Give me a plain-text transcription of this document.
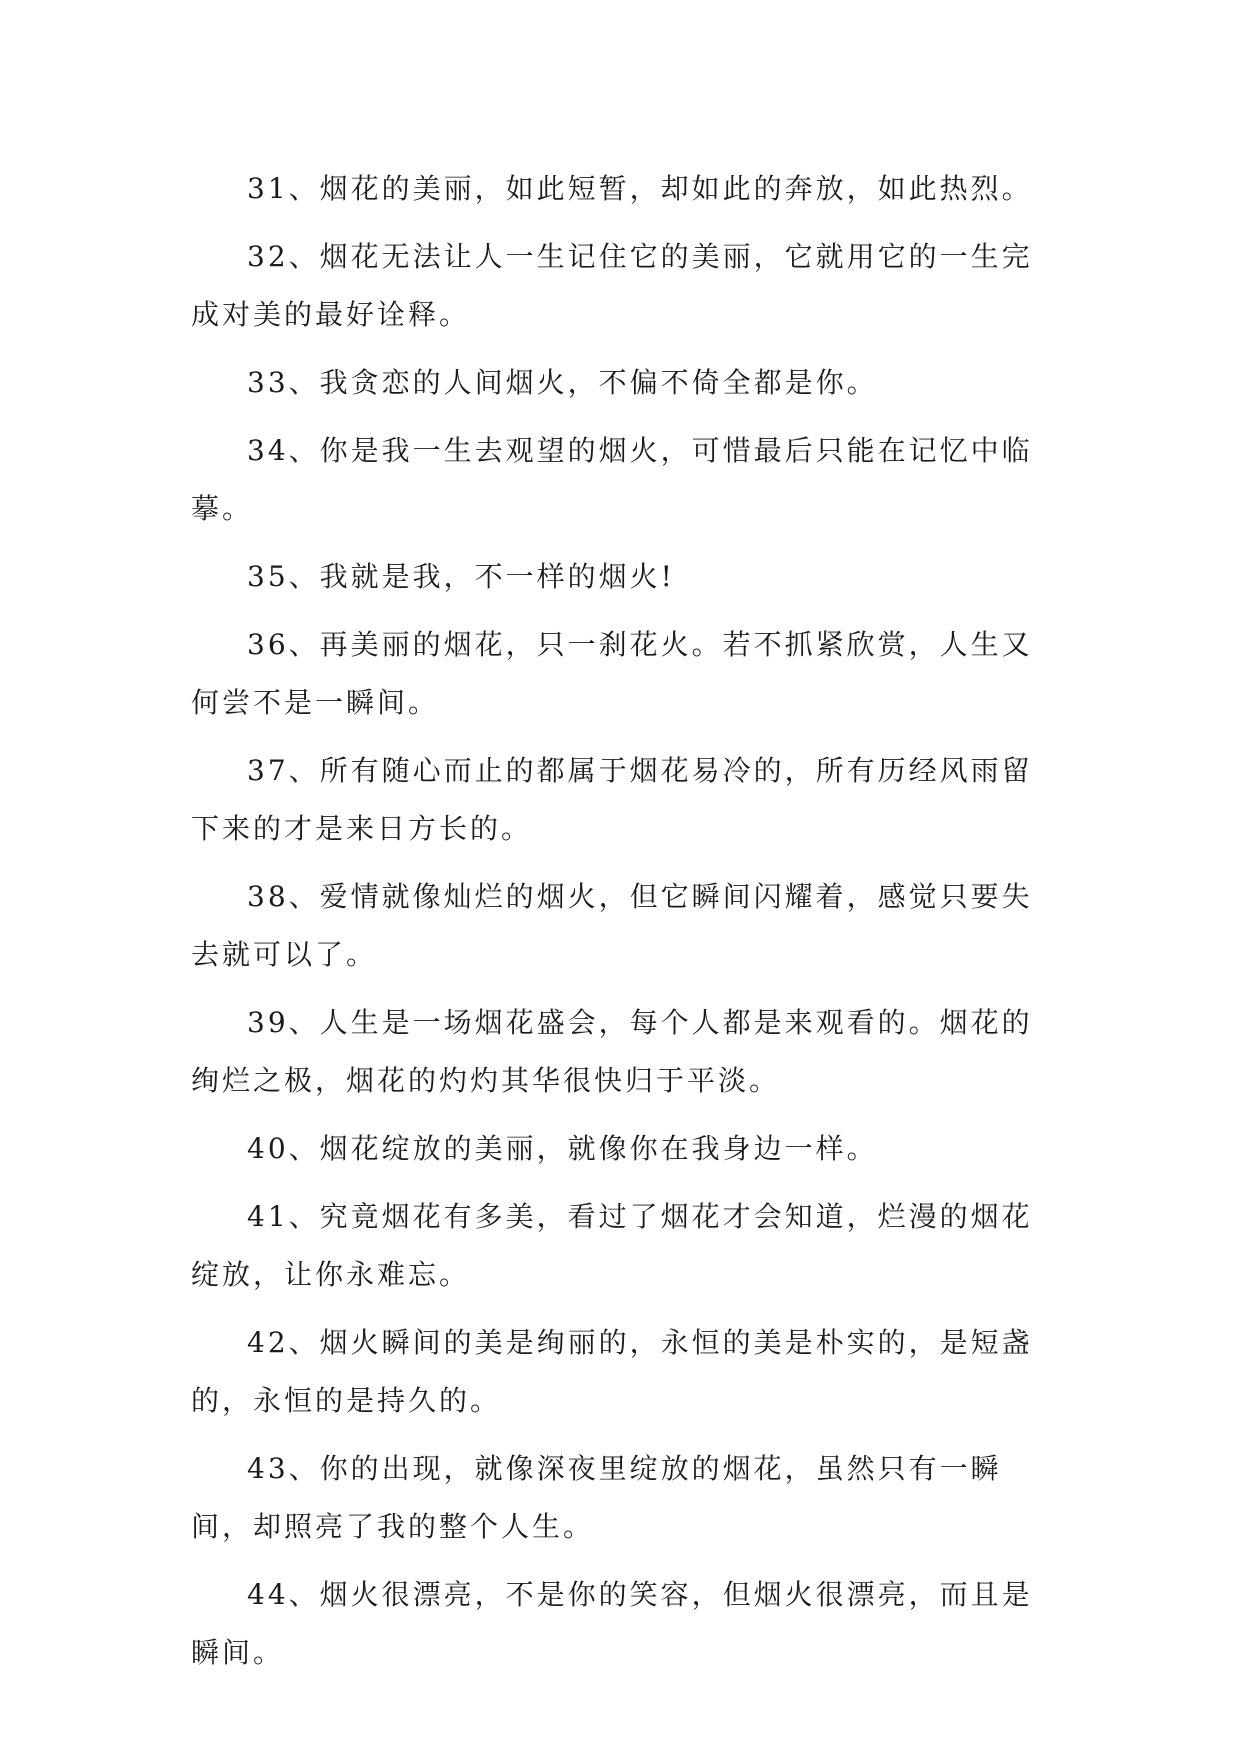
31、烟花的美丽，如此短暂，却如此的奔放，如此热烈。

32、烟花无法让人一生记住它的美丽，它就用它的一生完成对美的最好诠释。

33、我贪恋的人间烟火，不偏不倚全都是你。

34、你是我一生去观望的烟火，可惜最后只能在记忆中临摹。

35、我就是我，不一样的烟火!

36、再美丽的烟花，只一刹花火。若不抓紧欣赏，人生又何尝不是一瞬间。

37、所有随心而止的都属于烟花易冷的，所有历经风雨留下来的才是来日方长的。

38、爱情就像灿烂的烟火，但它瞬间闪耀着，感觉只要失去就可以了。

39、人生是一场烟花盛会，每个人都是来观看的。烟花的绚烂之极，烟花的灼灼其华很快归于平淡。

40、烟花绽放的美丽，就像你在我身边一样。

41、究竟烟花有多美，看过了烟花才会知道，烂漫的烟花绽放，让你永难忘。

42、烟火瞬间的美是绚丽的，永恒的美是朴实的，是短盏的，永恒的是持久的。

43、你的出现，就像深夜里绽放的烟花，虽然只有一瞬间，却照亮了我的整个人生。

44、烟火很漂亮，不是你的笑容，但烟火很漂亮，而且是瞬间。
